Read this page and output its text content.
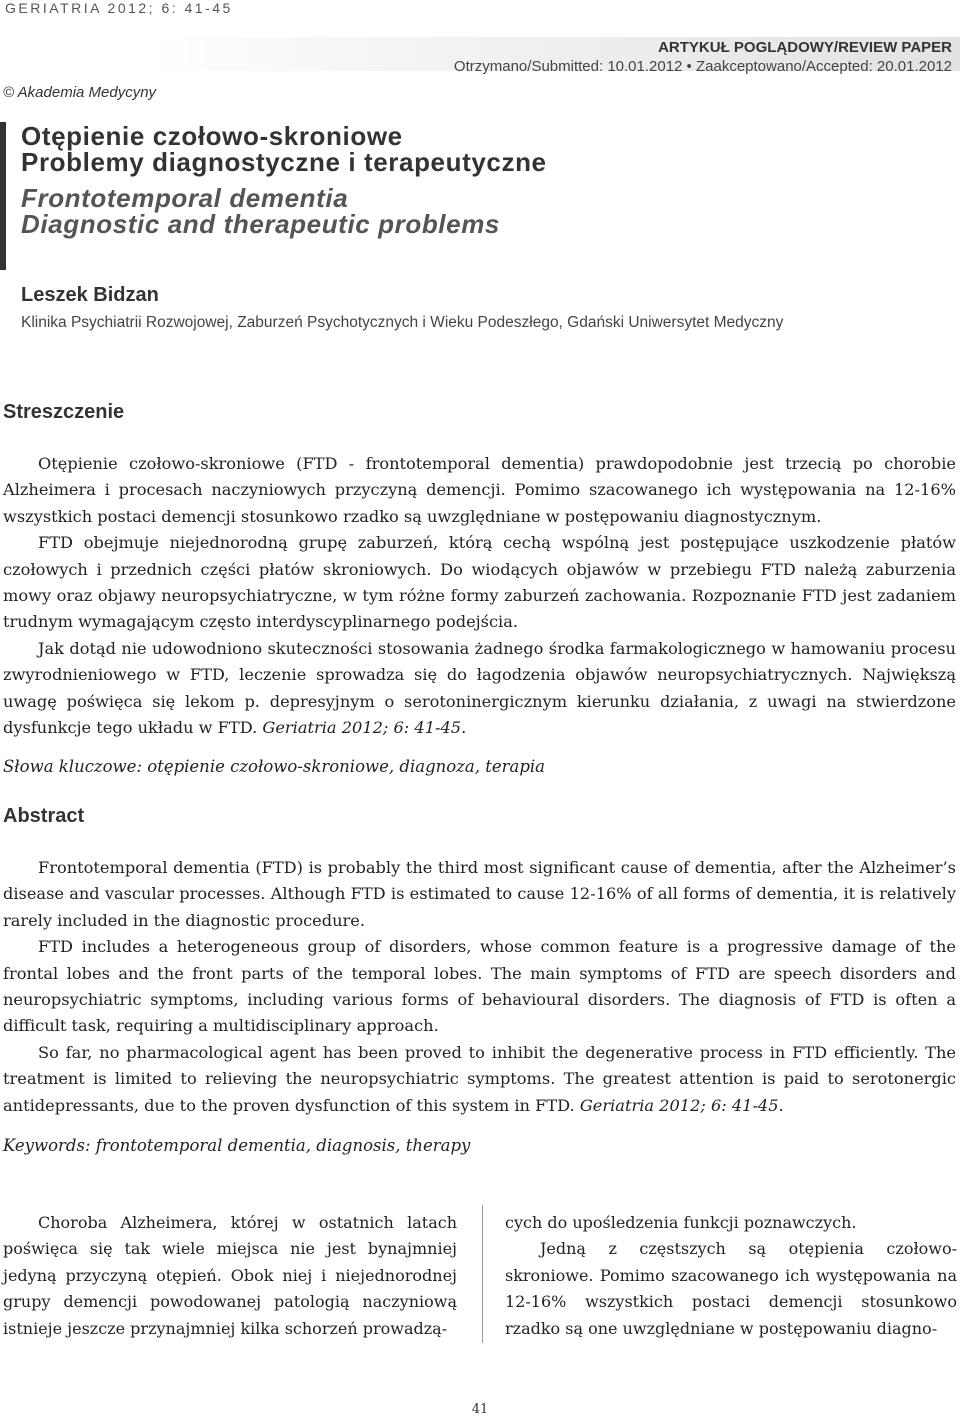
GERIATRIA 2012; 6: 41-45
ARTYKUŁ POGLĄDOWY/REVIEW PAPER
Otrzymano/Submitted: 10.01.2012 • Zaakceptowano/Accepted: 20.01.2012
© Akademia Medycyny
Otępienie czołowo-skroniowe
Problemy diagnostyczne i terapeutyczne
Frontotemporal dementia
Diagnostic and therapeutic problems
Leszek Bidzan
Klinika Psychiatrii Rozwojowej, Zaburzeń Psychotycznych i Wieku Podeszłego, Gdański Uniwersytet Medyczny
Streszczenie

Otępienie czołowo-skroniowe (FTD - frontotemporal dementia) prawdopodobnie jest trzecią po chorobie Alzheimera i procesach naczyniowych przyczyną demencji. Pomimo szacowanego ich występowania na 12-16% wszystkich postaci demencji stosunkowo rzadko są uwzględniane w postępowaniu diagnostycznym.

FTD obejmuje niejednorodną grupę zaburzeń, którą cechą wspólną jest postępujące uszkodzenie płatów czołowych i przednich części płatów skroniowych. Do wiodących objawów w przebiegu FTD należą zaburzenia mowy oraz objawy neuropsychiatryczne, w tym różne formy zaburzeń zachowania. Rozpoznanie FTD jest zadaniem trudnym wymagającym często interdyscyplinarnego podejścia.

Jak dotąd nie udowodniono skuteczności stosowania żadnego środka farmakologicznego w hamowaniu procesu zwyrodnieniowego w FTD, leczenie sprowadza się do łagodzenia objawów neuropsychiatrycznych. Największą uwagę poświęca się lekom p. depresyjnym o serotoninergicznym kierunku działania, z uwagi na stwierdzone dysfunkcje tego układu w FTD. Geriatria 2012; 6: 41-45.

Słowa kluczowe: otępienie czołowo-skroniowe, diagnoza, terapia
Abstract

Frontotemporal dementia (FTD) is probably the third most significant cause of dementia, after the Alzheimer’s disease and vascular processes. Although FTD is estimated to cause 12-16% of all forms of dementia, it is relatively rarely included in the diagnostic procedure.

FTD includes a heterogeneous group of disorders, whose common feature is a progressive damage of the frontal lobes and the front parts of the temporal lobes. The main symptoms of FTD are speech disorders and neuropsychiatric symptoms, including various forms of behavioural disorders. The diagnosis of FTD is often a difficult task, requiring a multidisciplinary approach.

So far, no pharmacological agent has been proved to inhibit the degenerative process in FTD efficiently. The treatment is limited to relieving the neuropsychiatric symptoms. The greatest attention is paid to serotonergic antidepressants, due to the proven dysfunction of this system in FTD. Geriatria 2012; 6: 41-45.

Keywords: frontotemporal dementia, diagnosis, therapy

Choroba Alzheimera, której w ostatnich latach poświęca się tak wiele miejsca nie jest bynajmniej jedyną przyczyną otępień. Obok niej i niejednorodnej grupy demencji powodowanej patologią naczyniową istnieje jeszcze przynajmniej kilka schorzeń prowadzą-

cych do upośledzenia funkcji poznawczych.

Jedną z częstszych są otępienia czołowo-skroniowe. Pomimo szacowanego ich występowania na 12-16% wszystkich postaci demencji stosunkowo rzadko są one uwzględniane w postępowaniu diagno-

41
